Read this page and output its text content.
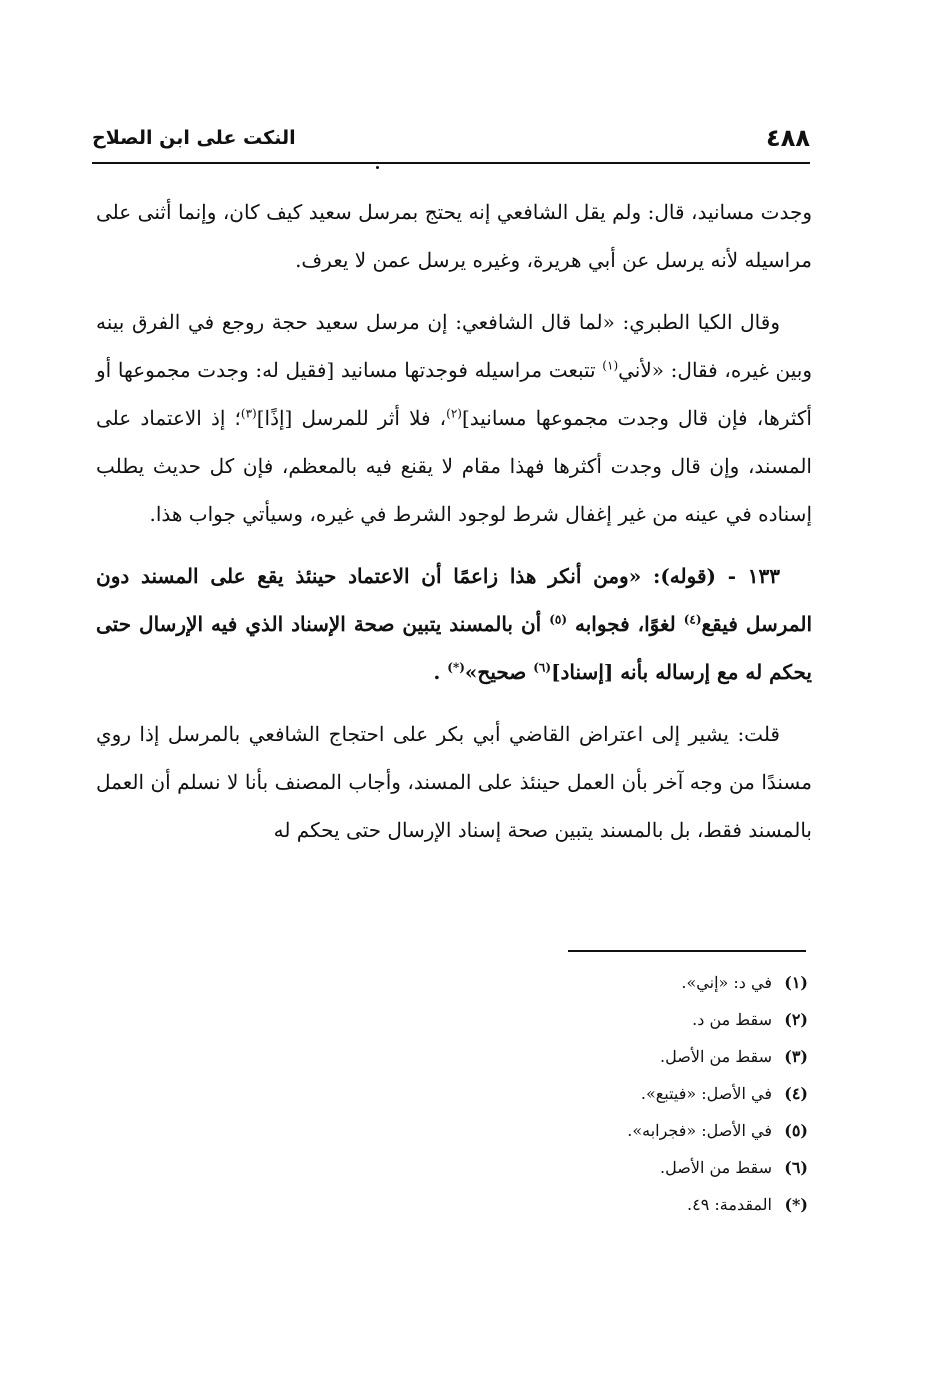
٤٨٨
النكت على ابن الصلاح

وجدت مسانيد، قال: ولم يقل الشافعي إنه يحتج بمرسل سعيد كيف كان، وإنما أثنى على مراسيله لأنه يرسل عن أبي هريرة، وغيره يرسل عمن لا يعرف.

وقال الكيا الطبري: «لما قال الشافعي: إن مرسل سعيد حجة روجع في الفرق بينه وبين غيره، فقال: «لأني$^{(١)}$ تتبعت مراسيله فوجدتها مسانيد [فقيل له: وجدت مجموعها أو أكثرها، فإن قال وجدت مجموعها مسانيد]$^{(٢)}$، فلا أثر للمرسل [إذًا]$^{(٣)}$؛ إذ الاعتماد على المسند، وإن قال وجدت أكثرها فهذا مقام لا يقنع فيه بالمعظم، فإن كل حديث يطلب إسناده في عينه من غير إغفال شرط لوجود الشرط في غيره، وسيأتي جواب هذا.

١٣٣ - (قوله): «ومن أنكر هذا زاعمًا أن الاعتماد حينئذ يقع على المسند دون المرسل فيقع$^{(٤)}$ لغوًا، فجوابه $^{(٥)}$ أن بالمسند يتبين صحة الإسناد الذي فيه الإرسال حتى يحكم له مع إرساله بأنه [إسناد]$^{(٦)}$ صحيح»(*) .

قلت: يشير إلى اعتراض القاضي أبي بكر على احتجاج الشافعي بالمرسل إذا روي مسندًا من وجه آخر بأن العمل حينئذ على المسند، وأجاب المصنف بأنا لا نسلم أن العمل بالمسند فقط، بل بالمسند يتبين صحة إسناد الإرسال حتى يحكم له

(١)
في د: «إني».
(٢)
سقط من د.
(٣)
سقط من الأصل.
(٤)
في الأصل: «فيتبع».
(٥)
في الأصل: «فجرابه».
(٦)
سقط من الأصل.
(*)
المقدمة: ٤٩.
